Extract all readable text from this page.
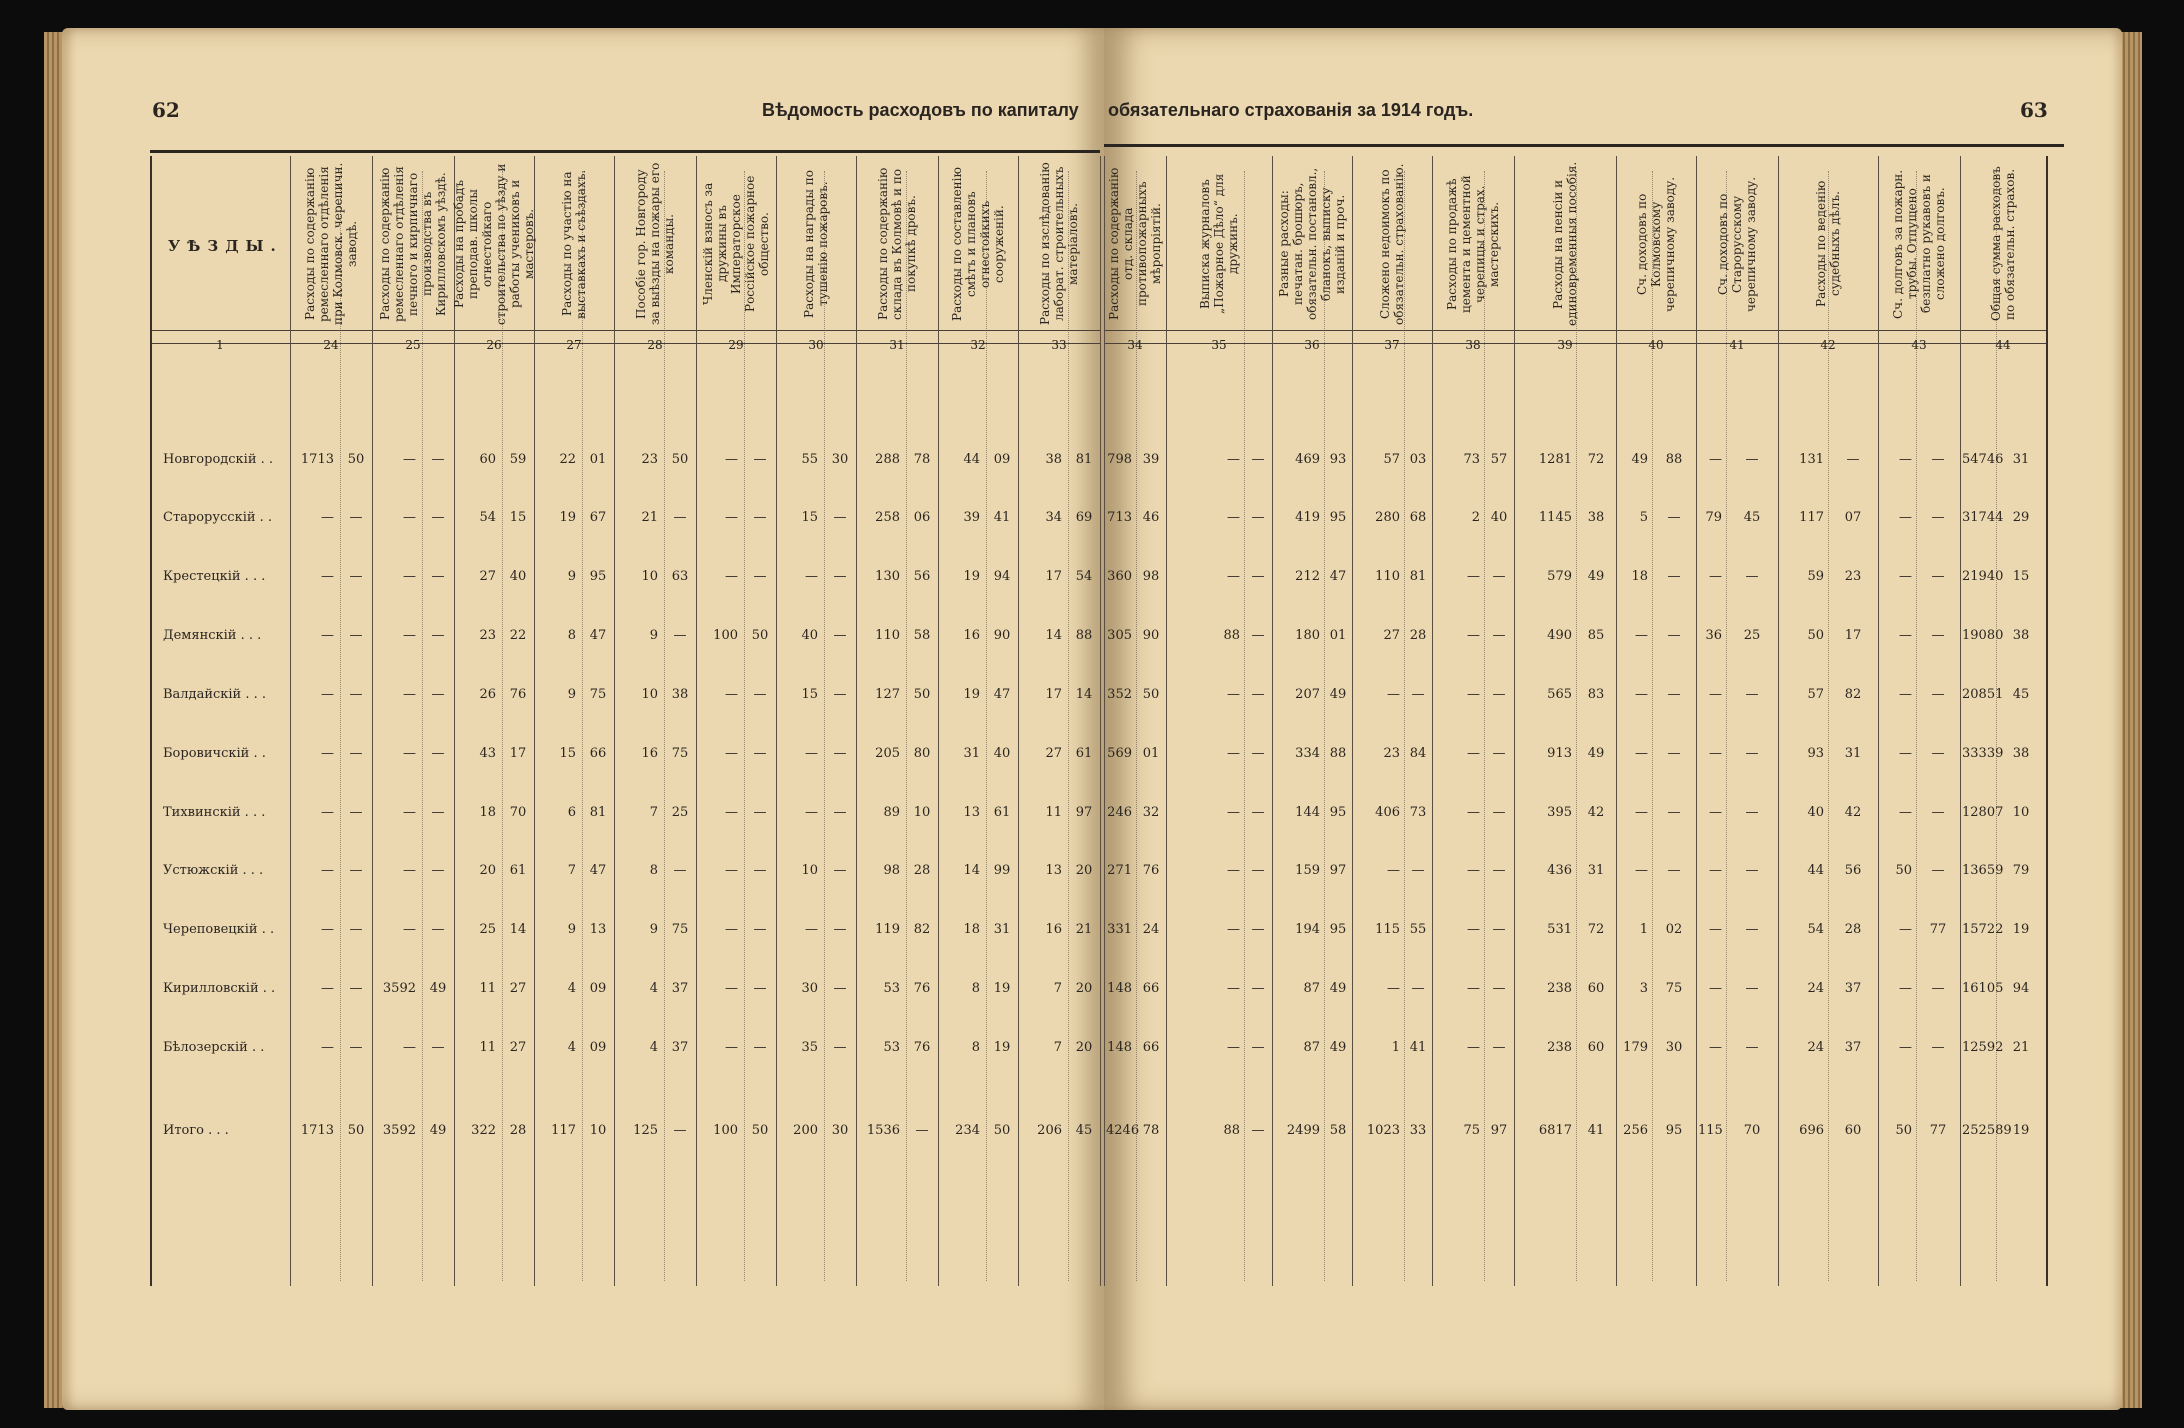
62	63
Вѣдомость расходовъ по капиталу обязательнаго страхованія за 1914 годъ.
УѢЗДЫ.
1
Расходы по содержанію ремесленнаго отдѣленія при Колмовск. черепичн. заводѣ.
24
Расходы по содержанію ремесленнаго отдѣленія печного и кирпичнаго производства въ Кирилловскомъ уѣздѣ.
25
Расходы на пробадъ преподав. школы огнестойкаго строительства по уѣзду и работы учениковъ и мастеровъ.
26
Расходы по участію на выставкахъ и съѣздахъ.
27
Пособіе гор. Новгороду за выѣзды на пожары его команды.
28
Членскій взносъ за дружины въ Императорское Россійское пожарное общество.
29
Расходы на награды по тушенію пожаровъ.
30
Расходы по содержанію склада въ Колмовѣ и по покупкѣ дровъ.
31
Расходы по составленію смѣтъ и плановъ огнестойкихъ сооруженій.
32
Расходы по изслѣдованію лаборат. строительныхъ матеріаловъ.
33
Расходы по содержанію отд. склада противопожарныхъ мѣропріятій.
34
Выписка журналовъ „Пожарное Дѣло“ для дружинъ.
35
Разные расходы: печатан. брошюръ, обязательн. постановл., бланокъ, выписку изданій и проч.
36
Сложено недоимокъ по обязательн. страхованію.
37
Расходы по продажѣ цемента и цементной черепицы и страх. мастерскихъ.
38
Расходы на пенсіи и единовременныя пособія.
39
Сч. доходовъ по Колмовскому черепичному заводу.
40
Сч. доходовъ по Старорусскому черепичному заводу.
41
Расходы по веденію судебныхъ дѣлъ.
42
Сч. долговъ за пожарн. трубы. Отпущено безплатно рукавовъ и сложено долговъ.
43
Общая сумма расходовъ по обязательн. страхов.
44
Новгородскій . .	1713	50	—	—	60	59	22	01	23	50	—	—	55	30	288	78	44	09	38	81	798 39	— —	469 93	57 03	73 57	1281	72	49	88	—	—	131	—	—	—	54746 31
Старорусскій . .	—	—	—	—	54	15	19	67	21	—	—	—	15	—	258	06	39	41	34	69	713 46	— —	419 95	280 68	2 40	1145	38	5	—	79	45	117	07	—	—	31744 29
Крестецкій . . .	—	—	—	—	27	40	9	95	10	63	—	—	—	—	130	56	19	94	17	54	360 98	— —	212 47	110 81	— —	579	49	18	—	—	—	59	23	—	—	21940 15
Демянскій . . .	—	—	—	—	23	22	8	47	9	—	100	50	40	—	110	58	16	90	14	88	305 90	88 —	180 01	27 28	— —	490	85	—	—	36	25	50	17	—	—	19080 38
Валдайскій . . .	—	—	—	—	26	76	9	75	10	38	—	—	15	—	127	50	19	47	17	14	352 50	— —	207 49	— —	— —	565	83	—	—	—	—	57	82	—	—	20851 45
Боровичскій . .	—	—	—	—	43	17	15	66	16	75	—	—	—	—	205	80	31	40	27	61	569 01	— —	334 88	23 84	— —	913	49	—	—	—	—	93	31	—	—	33339 38
Тихвинскій . . .	—	—	—	—	18	70	6	81	7	25	—	—	—	—	89	10	13	61	11	97	246 32	— —	144 95	406 73	— —	395	42	—	—	—	—	40	42	—	—	12807 10
Устюжскій . . .	—	—	—	—	20	61	7	47	8	—	—	—	10	—	98	28	14	99	13	20	271 76	— —	159 97	— —	— —	436	31	—	—	—	—	44	56	50	—	13659 79
Череповецкій . .	—	—	—	—	25	14	9	13	9	75	—	—	—	—	119	82	18	31	16	21	331 24	— —	194 95	115 55	— —	531	72	1	02	—	—	54	28	—	77	15722 19
Кирилловскій . .	—	—	3592	49	11	27	4	09	4	37	—	—	30	—	53	76	8	19	7	20	148 66	— —	87 49	— —	— —	238	60	3	75	—	—	24	37	—	—	16105 94
Бѣлозерскій . .	—	—	—	—	11	27	4	09	4	37	—	—	35	—	53	76	8	19	7	20	148 66	— —	87 49	1 41	— —	238	60	179	30	—	—	24	37	—	—	12592 21
Итого . . .	1713	50	3592	49	322	28	117	10	125	—	100	50	200	30	1536	—	234	50	206	45	4246 78	88 —	2499 58	1023 33	75 97	6817	41	256	95	115	70	696	60	50	77	252589 19
